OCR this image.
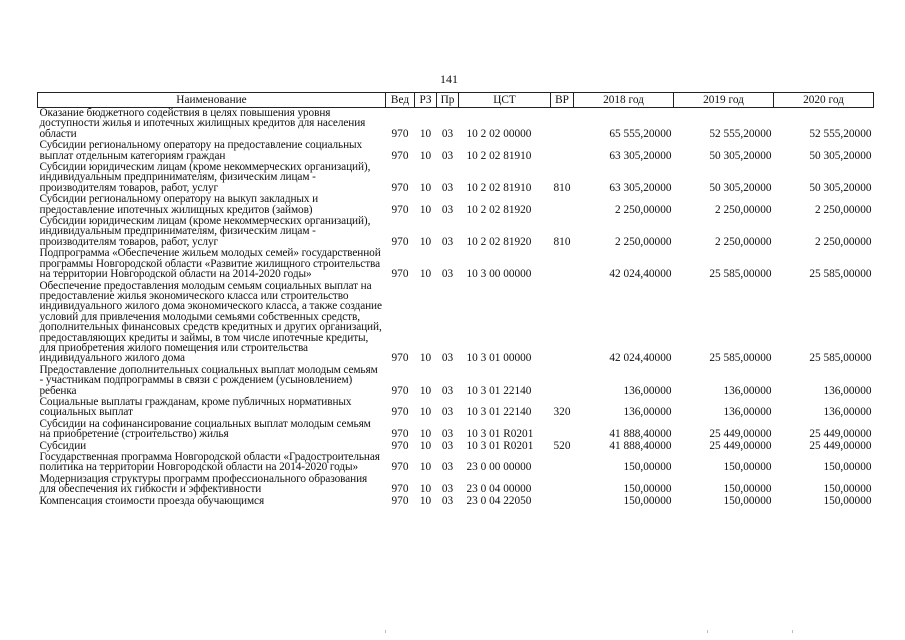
141
Наименование	Вед	РЗ	Пр	ЦСТ	ВР	2018 год	2019 год	2020 год
Оказание бюджетного содействия в целях повышения уровня доступности жилья и ипотечных жилищных кредитов для населения области	970	10	03	10 2 02 00000		65 555,20000	52 555,20000	52 555,20000
Субсидии региональному оператору на предоставление социальных выплат отдельным категориям граждан	970	10	03	10 2 02 81910		63 305,20000	50 305,20000	50 305,20000
Субсидии юридическим лицам (кроме некоммерческих организаций), индивидуальным предпринимателям, физическим лицам - производителям товаров, работ, услуг	970	10	03	10 2 02 81910	810	63 305,20000	50 305,20000	50 305,20000
Субсидии региональному оператору на выкуп закладных и предоставление ипотечных жилищных кредитов (займов)	970	10	03	10 2 02 81920		2 250,00000	2 250,00000	2 250,00000
Субсидии юридическим лицам (кроме некоммерческих организаций), индивидуальным предпринимателям, физическим лицам - производителям товаров, работ, услуг	970	10	03	10 2 02 81920	810	2 250,00000	2 250,00000	2 250,00000
Подпрограмма «Обеспечение жильем молодых семей» государственной программы Новгородской области «Развитие жилищного строительства на территории Новгородской области на 2014-2020 годы»	970	10	03	10 3 00 00000		42 024,40000	25 585,00000	25 585,00000
Обеспечение предоставления молодым семьям социальных выплат на предоставление жилья экономического класса или строительство индивидуального жилого дома экономического класса, а также создание условий для привлечения молодыми семьями собственных средств, дополнительных финансовых средств кредитных и других организаций, предоставляющих кредиты и займы, в том числе ипотечные кредиты, для приобретения жилого помещения или строительства индивидуального жилого дома	970	10	03	10 3 01 00000		42 024,40000	25 585,00000	25 585,00000
Предоставление дополнительных социальных выплат молодым семьям - участникам подпрограммы в связи с рождением (усыновлением) ребенка	970	10	03	10 3 01 22140		136,00000	136,00000	136,00000
Социальные выплаты гражданам, кроме публичных нормативных социальных выплат	970	10	03	10 3 01 22140	320	136,00000	136,00000	136,00000
Субсидии на софинансирование социальных выплат молодым семьям на приобретение (строительство) жилья	970	10	03	10 3 01 R0201		41 888,40000	25 449,00000	25 449,00000
Субсидии	970	10	03	10 3 01 R0201	520	41 888,40000	25 449,00000	25 449,00000
Государственная программа Новгородской области «Градостроительная политика на территории Новгородской области на 2014-2020 годы»	970	10	03	23 0 00 00000		150,00000	150,00000	150,00000
Модернизация структуры программ профессионального образования для обеспечения их гибкости и эффективности	970	10	03	23 0 04 00000		150,00000	150,00000	150,00000
Компенсация стоимости проезда обучающимся	970	10	03	23 0 04 22050		150,00000	150,00000	150,00000
